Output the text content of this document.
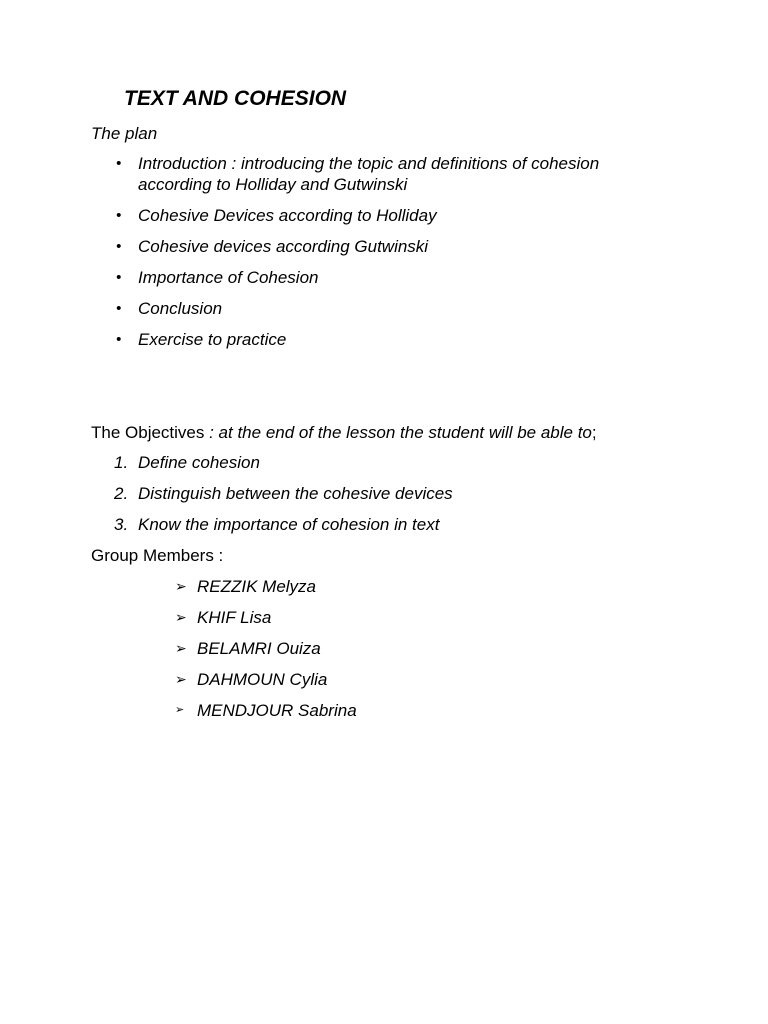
TEXT AND COHESION
The plan
• Introduction : introducing the topic and definitions of cohesion
according to Holliday and Gutwinski
• Cohesive Devices according to Holliday
• Cohesive devices according Gutwinski
• Importance of Cohesion
• Conclusion
• Exercise to practice
The Objectives : at the end of the lesson the student will be able to;
1. Define cohesion
2. Distinguish between the cohesive devices
3. Know the importance of cohesion in text
Group Members :
➢ REZZIK Melyza
➢ KHIF Lisa
➢ BELAMRI Ouiza
➢ DAHMOUN Cylia
➢ MENDJOUR Sabrina
